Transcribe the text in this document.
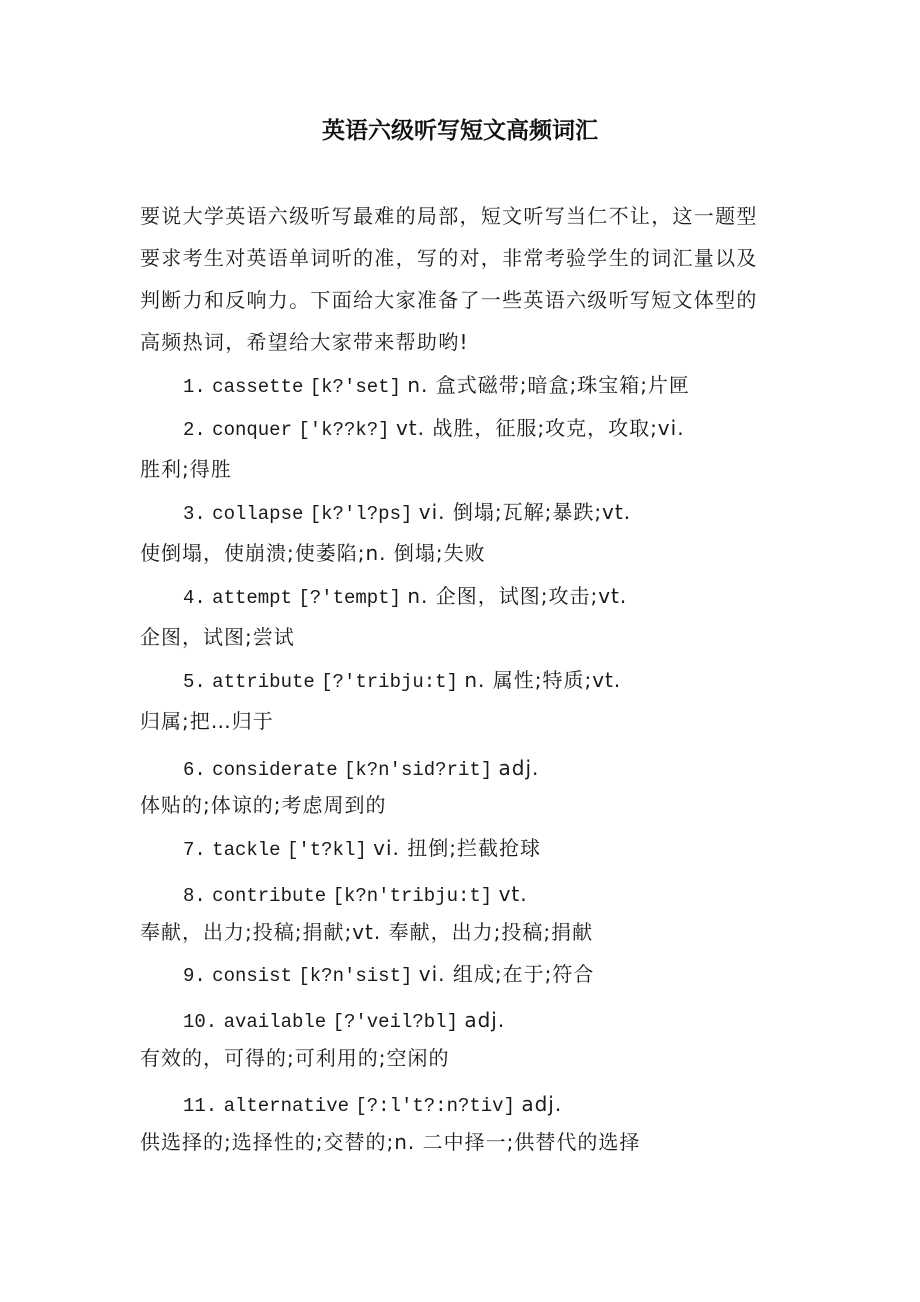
英语六级听写短文高频词汇
要说大学英语六级听写最难的局部，短文听写当仁不让，这一题型
要求考生对英语单词听的准，写的对，非常考验学生的词汇量以及
判断力和反响力。下面给大家准备了一些英语六级听写短文体型的
高频热词，希望给大家带来帮助哟!
1. cassette [k?'set] n. 盒式磁带;暗盒;珠宝箱;片匣
2. conquer ['k??k?] vt. 战胜，征服;攻克，攻取;vi.
胜利;得胜
3. collapse [k?'l?ps] vi. 倒塌;瓦解;暴跌;vt.
使倒塌，使崩溃;使萎陷;n. 倒塌;失败
4. attempt [?'tempt] n. 企图，试图;攻击;vt.
企图，试图;尝试
5. attribute [?'tribju:t] n. 属性;特质;vt.
归属;把…归于
6. considerate [k?n'sid?rit] adj.
体贴的;体谅的;考虑周到的
7. tackle ['t?kl] vi. 扭倒;拦截抢球
8. contribute [k?n'tribju:t] vt.
奉献，出力;投稿;捐献;vt. 奉献，出力;投稿;捐献
9. consist [k?n'sist] vi. 组成;在于;符合
10. available [?'veil?bl] adj.
有效的，可得的;可利用的;空闲的
11. alternative [?:l't?:n?tiv] adj.
供选择的;选择性的;交替的;n. 二中择一;供替代的选择
